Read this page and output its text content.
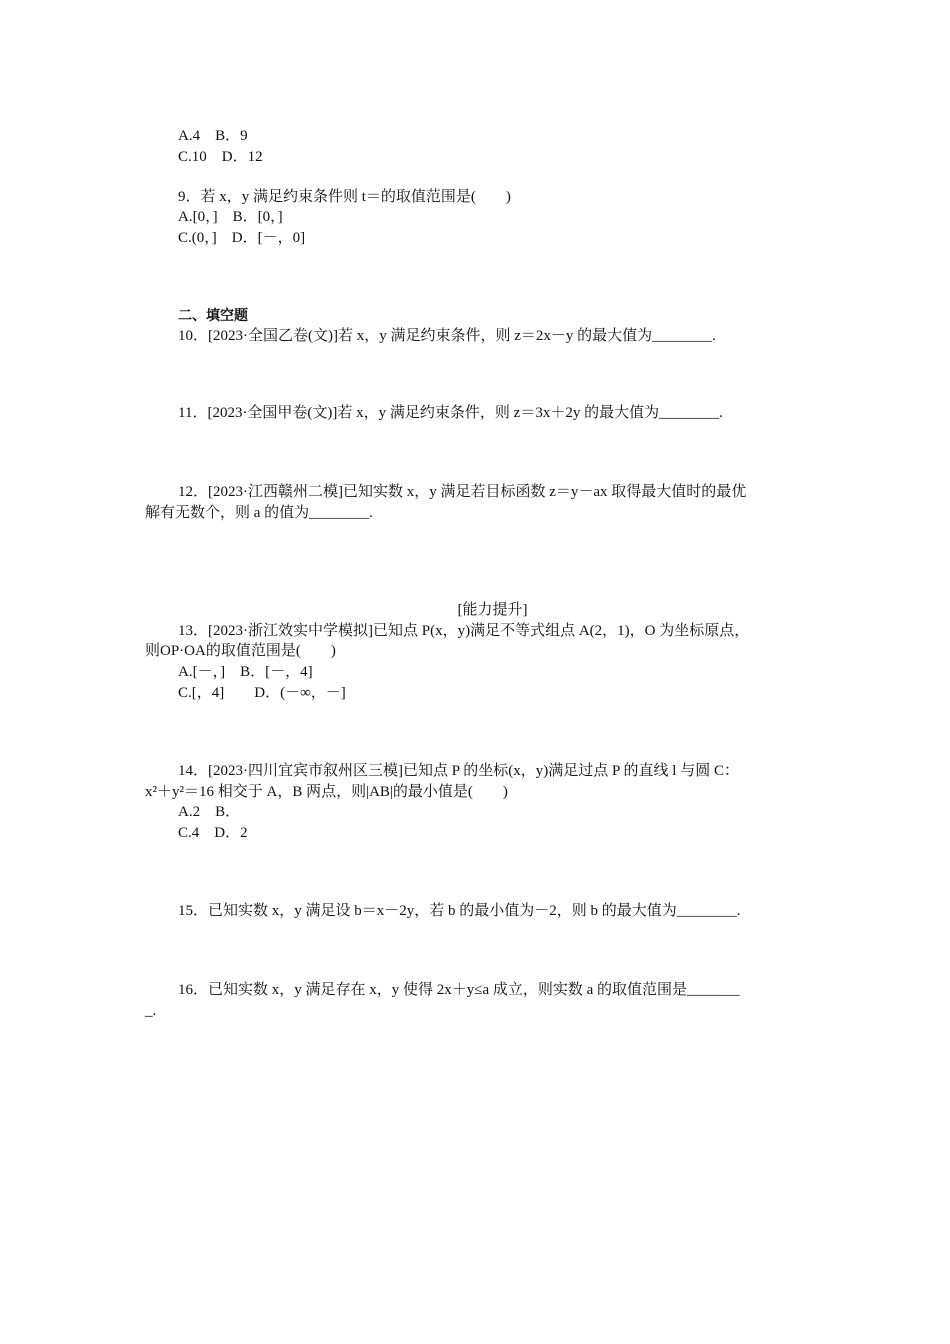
A.4　B．9
C.10　D．12
9．若 x，y 满足约束条件则 t＝的取值范围是(　　)
A.[0，]　B．[0，]
C.(0，]　D．[－，0]
二、填空题
10．[2023·全国乙卷(文)]若 x，y 满足约束条件，则 z＝2x－y 的最大值为________.
11．[2023·全国甲卷(文)]若 x，y 满足约束条件，则 z＝3x＋2y 的最大值为________.
12．[2023·江西赣州二模]已知实数 x，y 满足若目标函数 z＝y－ax 取得最大值时的最优
解有无数个，则 a 的值为________.
[能力提升]
13．[2023·浙江效实中学模拟]已知点 P(x，y)满足不等式组点 A(2，1)，O 为坐标原点，
则OP·OA的取值范围是(　　)
A.[－，]　B．[－，4]
C.[，4]　　D．(－∞，－]
14．[2023·四川宜宾市叙州区三模]已知点 P 的坐标(x，y)满足过点 P 的直线 l 与圆 C：
x²＋y²＝16 相交于 A，B 两点，则|AB|的最小值是(　　)
A.2　B．
C.4　D．2
15．已知实数 x，y 满足设 b＝x－2y，若 b 的最小值为－2，则 b 的最大值为________.
16．已知实数 x，y 满足存在 x，y 使得 2x＋y≤a 成立，则实数 a 的取值范围是_______
_.
